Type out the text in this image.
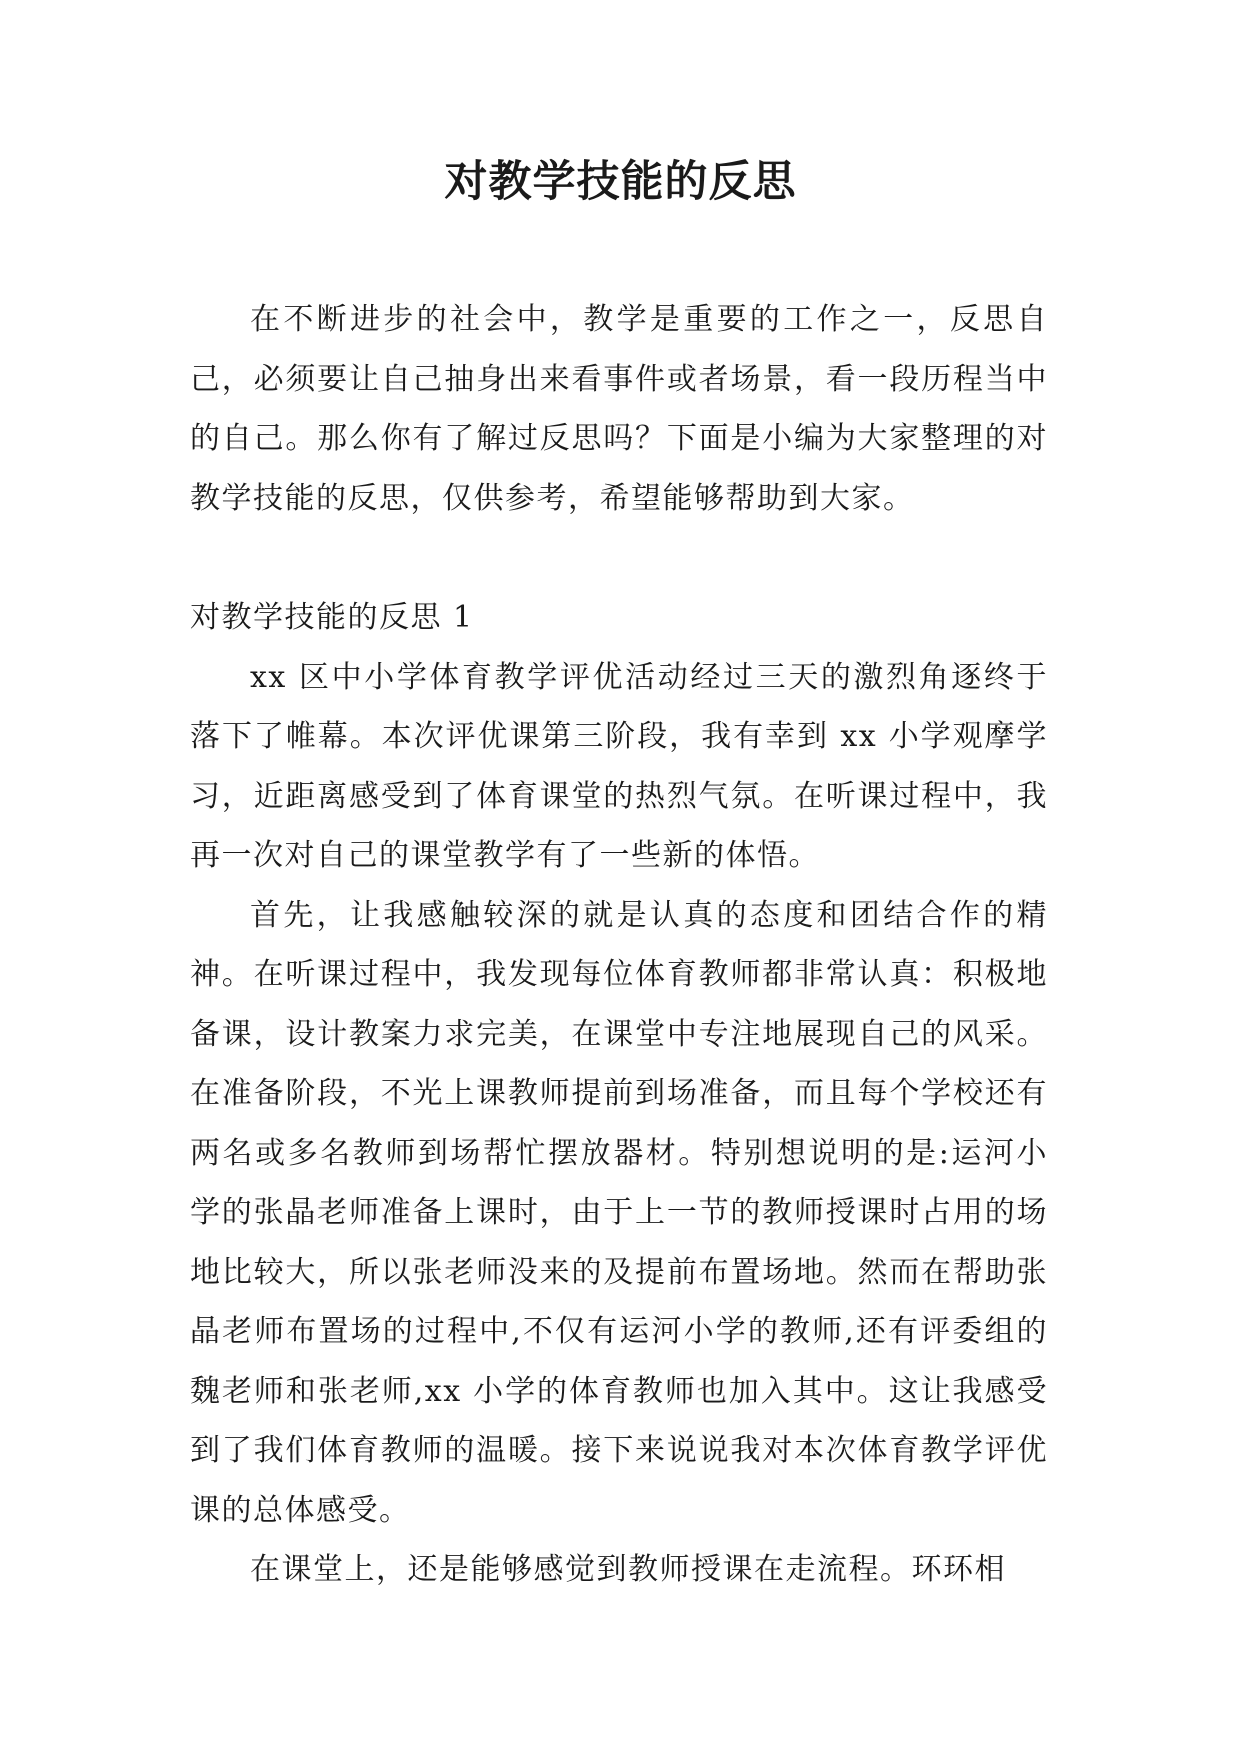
对教学技能的反思

在不断进步的社会中，教学是重要的工作之一，反思自己，必须要让自己抽身出来看事件或者场景，看一段历程当中的自己。那么你有了解过反思吗？下面是小编为大家整理的对教学技能的反思，仅供参考，希望能够帮助到大家。

对教学技能的反思 1

xx 区中小学体育教学评优活动经过三天的激烈角逐终于落下了帷幕。本次评优课第三阶段，我有幸到 xx 小学观摩学习，近距离感受到了体育课堂的热烈气氛。在听课过程中，我再一次对自己的课堂教学有了一些新的体悟。

首先，让我感触较深的就是认真的态度和团结合作的精神。在听课过程中，我发现每位体育教师都非常认真：积极地备课，设计教案力求完美，在课堂中专注地展现自己的风采。在准备阶段，不光上课教师提前到场准备，而且每个学校还有两名或多名教师到场帮忙摆放器材。特别想说明的是:运河小学的张晶老师准备上课时，由于上一节的教师授课时占用的场地比较大，所以张老师没来的及提前布置场地。然而在帮助张晶老师布置场的过程中,不仅有运河小学的教师,还有评委组的魏老师和张老师,xx 小学的体育教师也加入其中。这让我感受到了我们体育教师的温暖。接下来说说我对本次体育教学评优课的总体感受。

在课堂上，还是能够感觉到教师授课在走流程。环环相
